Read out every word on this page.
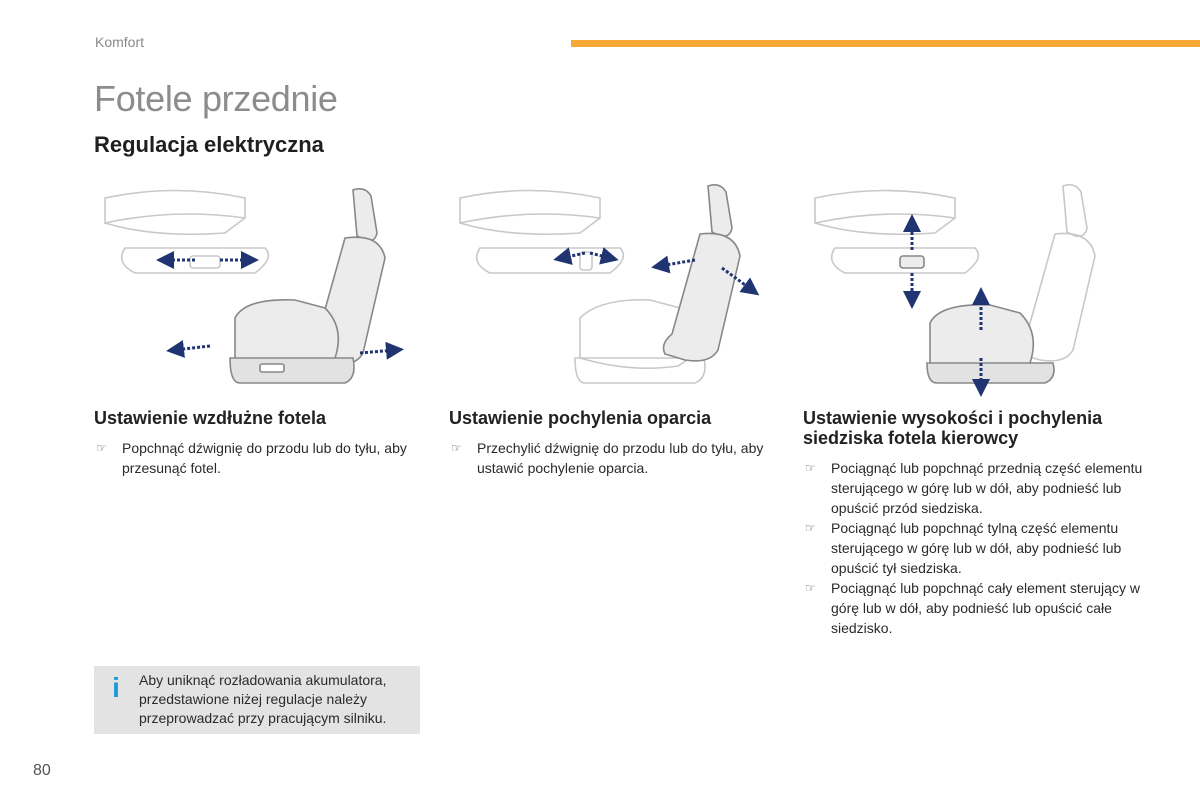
Komfort
Fotele przednie
Regulacja elektryczna
Ustawienie wzdłużne fotela
☞ Popchnąć dźwignię do przodu lub do tyłu, aby przesunąć fotel.
Ustawienie pochylenia oparcia
☞ Przechylić dźwignię do przodu lub do tyłu, aby ustawić pochylenie oparcia.
Ustawienie wysokości i pochylenia siedziska fotela kierowcy
☞ Pociągnąć lub popchnąć przednią część elementu sterującego w górę lub w dół, aby podnieść lub opuścić przód siedziska.
☞ Pociągnąć lub popchnąć tylną część elementu sterującego w górę lub w dół, aby podnieść lub opuścić tył siedziska.
☞ Pociągnąć lub popchnąć cały element sterujący w górę lub w dół, aby podnieść lub opuścić całe siedzisko.
i Aby uniknąć rozładowania akumulatora, przedstawione niżej regulacje należy przeprowadzać przy pracującym silniku.
80
